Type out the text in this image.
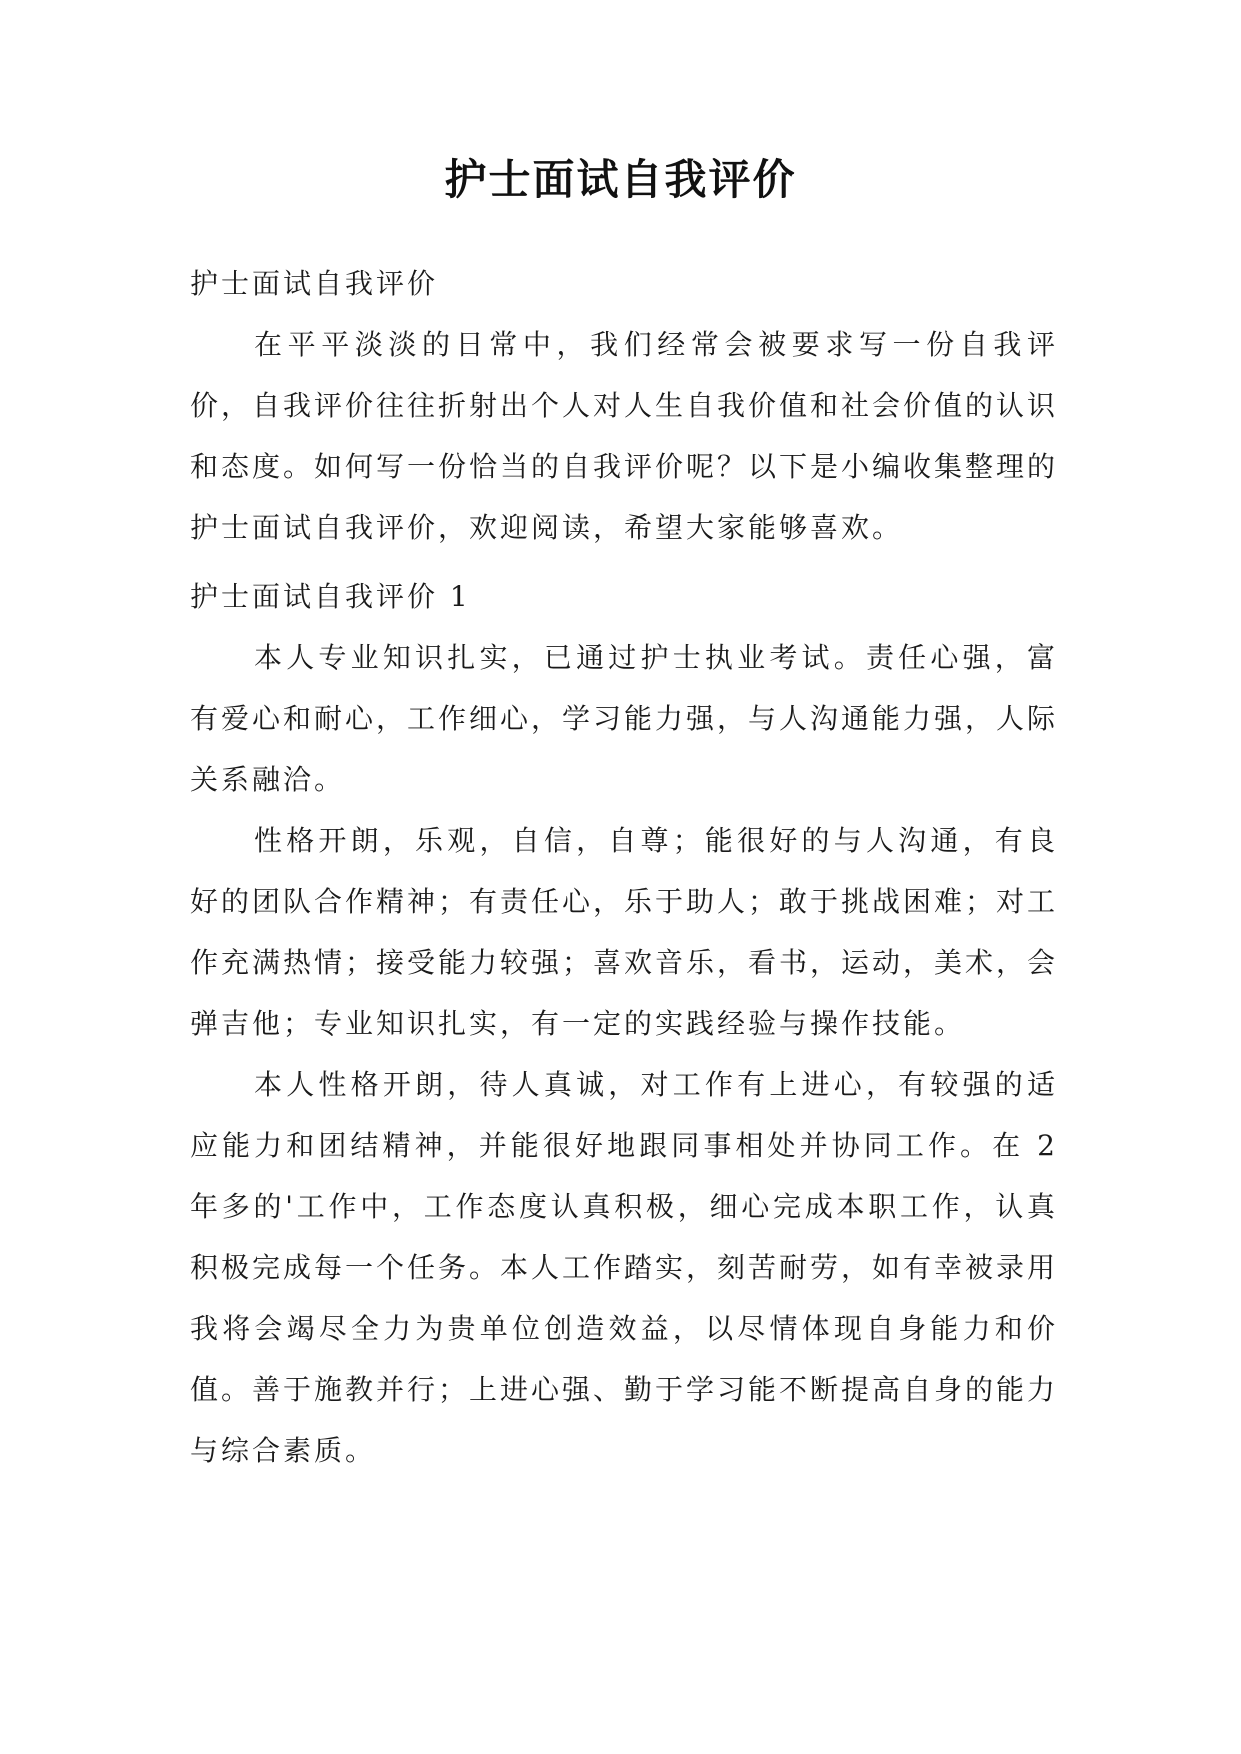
护士面试自我评价

护士面试自我评价

在平平淡淡的日常中，我们经常会被要求写一份自我评价，自我评价往往折射出个人对人生自我价值和社会价值的认识和态度。如何写一份恰当的自我评价呢？以下是小编收集整理的护士面试自我评价，欢迎阅读，希望大家能够喜欢。

护士面试自我评价 1

本人专业知识扎实，已通过护士执业考试。责任心强，富有爱心和耐心，工作细心，学习能力强，与人沟通能力强，人际关系融洽。

性格开朗，乐观，自信，自尊；能很好的与人沟通，有良好的团队合作精神；有责任心，乐于助人；敢于挑战困难；对工作充满热情；接受能力较强；喜欢音乐，看书，运动，美术，会弹吉他；专业知识扎实，有一定的实践经验与操作技能。

本人性格开朗，待人真诚，对工作有上进心，有较强的适应能力和团结精神，并能很好地跟同事相处并协同工作。在 2 年多的'工作中，工作态度认真积极，细心完成本职工作，认真积极完成每一个任务。本人工作踏实，刻苦耐劳，如有幸被录用我将会竭尽全力为贵单位创造效益，以尽情体现自身能力和价值。善于施教并行；上进心强、勤于学习能不断提高自身的能力与综合素质。
